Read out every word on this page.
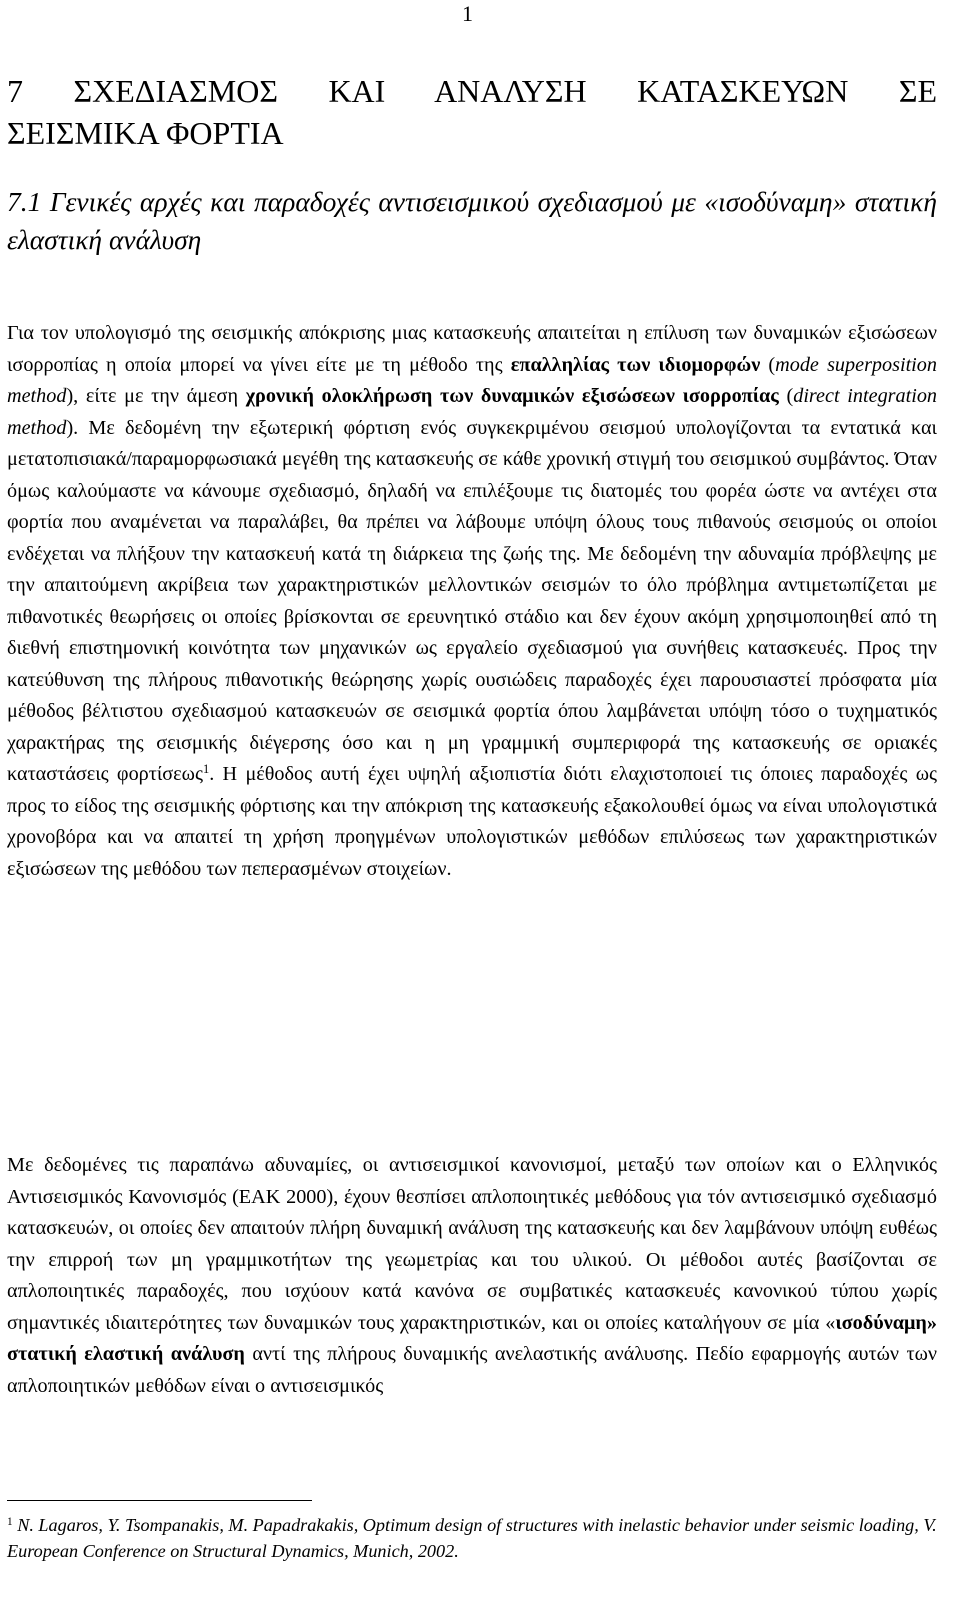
1
7 ΣΧΕΔΙΑΣΜΟΣ ΚΑΙ ΑΝΑΛΥΣΗ ΚΑΤΑΣΚΕΥΩΝ ΣΕ
ΣΕΙΣΜΙΚΑ ΦΟΡΤΙΑ
7.1 Γενικές αρχές και παραδοχές αντισεισμικού σχεδιασμού με «ισοδύναμη» στατική ελαστική ανάλυση

Για τον υπολογισμό της σεισμικής απόκρισης μιας κατασκευής απαιτείται η επίλυση των δυναμικών εξισώσεων ισορροπίας η οποία μπορεί να γίνει είτε με τη μέθοδο της επαλληλίας των ιδιομορφών (mode superposition method), είτε με την άμεση χρονική ολοκλήρωση των δυναμικών εξισώσεων ισορροπίας (direct integration method). Με δεδομένη την εξωτερική φόρτιση ενός συγκεκριμένου σεισμού υπολογίζονται τα εντατικά και μετατοπισιακά/παραμορφωσιακά μεγέθη της κατασκευής σε κάθε χρονική στιγμή του σεισμικού συμβάντος. Όταν όμως καλούμαστε να κάνουμε σχεδιασμό, δηλαδή να επιλέξουμε τις διατομές του φορέα ώστε να αντέχει στα φορτία που αναμένεται να παραλάβει, θα πρέπει να λάβουμε υπόψη όλους τους πιθανούς σεισμούς οι οποίοι ενδέχεται να πλήξουν την κατασκευή κατά τη διάρκεια της ζωής της. Με δεδομένη την αδυναμία πρόβλεψης με την απαιτούμενη ακρίβεια των χαρακτηριστικών μελλοντικών σεισμών το όλο πρόβλημα αντιμετωπίζεται με πιθανοτικές θεωρήσεις οι οποίες βρίσκονται σε ερευνητικό στάδιο και δεν έχουν ακόμη χρησιμοποιηθεί από τη διεθνή επιστημονική κοινότητα των μηχανικών ως εργαλείο σχεδιασμού για συνήθεις κατασκευές. Προς την κατεύθυνση της πλήρους πιθανοτικής θεώρησης χωρίς ουσιώδεις παραδοχές έχει παρουσιαστεί πρόσφατα μία μέθοδος βέλτιστου σχεδιασμού κατασκευών σε σεισμικά φορτία όπου λαμβάνεται υπόψη τόσο ο τυχηματικός χαρακτήρας της σεισμικής διέγερσης όσο και η μη γραμμική συμπεριφορά της κατασκευής σε οριακές καταστάσεις φορτίσεως$^1$. Η μέθοδος αυτή έχει υψηλή αξιοπιστία διότι ελαχιστοποιεί τις όποιες παραδοχές ως προς το είδος της σεισμικής φόρτισης και την απόκριση της κατασκευής εξακολουθεί όμως να είναι υπολογιστικά χρονοβόρα και να απαιτεί τη χρήση προηγμένων υπολογιστικών μεθόδων επιλύσεως των χαρακτηριστικών εξισώσεων της μεθόδου των πεπερασμένων στοιχείων.

Με δεδομένες τις παραπάνω αδυναμίες, οι αντισεισμικοί κανονισμοί, μεταξύ των οποίων και ο Ελληνικός Αντισεισμικός Κανονισμός (ΕΑΚ 2000), έχουν θεσπίσει απλοποιητικές μεθόδους για τόν αντισεισμικό σχεδιασμό κατασκευών, οι οποίες δεν απαιτούν πλήρη δυναμική ανάλυση της κατασκευής και δεν λαμβάνουν υπόψη ευθέως την επιρροή των μη γραμμικοτήτων της γεωμετρίας και του υλικού. Οι μέθοδοι αυτές βασίζονται σε απλοποιητικές παραδοχές, που ισχύουν κατά κανόνα σε συμβατικές κατασκευές κανονικού τύπου χωρίς σημαντικές ιδιαιτερότητες των δυναμικών τους χαρακτηριστικών, και οι οποίες καταλήγουν σε μία «ισοδύναμη» στατική ελαστική ανάλυση αντί της πλήρους δυναμικής ανελαστικής ανάλυσης. Πεδίο εφαρμογής αυτών των απλοποιητικών μεθόδων είναι ο αντισεισμικός

$^1$ N. Lagaros, Y. Tsompanakis, M. Papadrakakis, Optimum design of structures with inelastic behavior under seismic loading, V. European Conference on Structural Dynamics, Munich, 2002.
